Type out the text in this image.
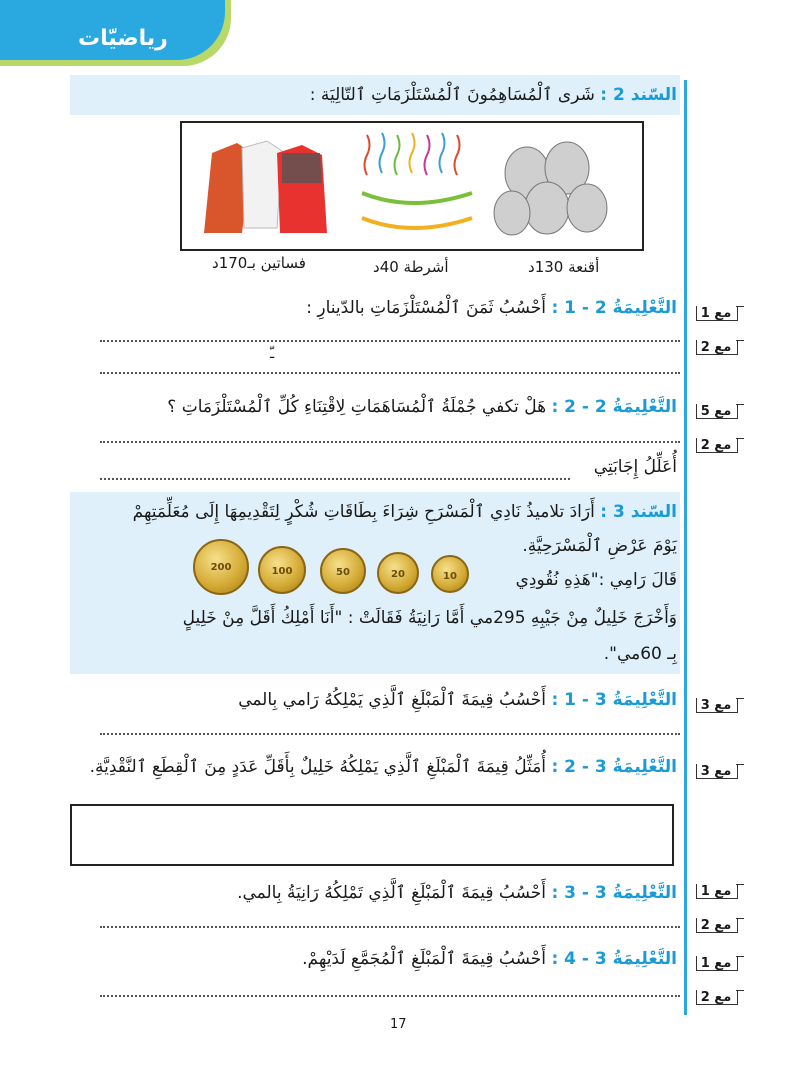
رياضيّات
السّند 2 : شَرى ٱلْمُسَاهِمُونَ ٱلْمُسْتَلْزَمَاتِ ٱلتّالِيَة :
أقنعة 130د
أشرطة 40د
فساتين بـ170د
التَّعْلِيمَةُ 2 - 1 : أَحْسُبُ ثَمَنَ ٱلْمُسْتَلْزَمَاتِ بالدّينارِ :
ـّ
مع 1
مع 2
التَّعْلِيمَةُ 2 - 2 : هَلْ تكفي جُمْلَةُ ٱلْمُسَاهَمَاتِ لِاقْتِنَاءِ كُلِّ ٱلْمُسْتَلْزَمَاتِ ؟
أُعَلِّلُ إِجَابَتِي
مع 5
مع 2
السّند 3 : أَرَادَ تلاميذُ نَادِي ٱلْمَسْرَحِ شِرَاءَ بِطَاقَاتِ شُكْرٍ لِتَقْدِيمِهَا إِلَى مُعَلِّمَتِهِمْ
يَوْمَ عَرْضِ ٱلْمَسْرَحِيَّةِ.
قَالَ رَامِي :"هَذِهِ نُقُودِي
وَأَخْرَجَ خَلِيلٌ مِنْ جَيْبِهِ 295مي أَمَّا رَانِيَةُ فَقَالَتْ : "أَنَا أَمْلِكُ أَقَلَّ مِنْ خَلِيلٍ
بِـ 60مي".
200	100	50	20	10
التَّعْلِيمَةُ 3 - 1 : أَحْسُبُ قِيمَةَ ٱلْمَبْلَغِ ٱلَّذِي يَمْلِكُهُ رَامي بِالمي	مع 3
التَّعْلِيمَةُ 3 - 2 : أُمَثِّلُ قِيمَةَ ٱلْمَبْلَغِ ٱلَّذِي يَمْلِكُهُ خَلِيلٌ بِأَقَلِّ عَدَدٍ مِنَ ٱلْقِطَعِ ٱلنَّقْدِيَّةِ.	مع 3
التَّعْلِيمَةُ 3 - 3 : أَحْسُبُ قِيمَةَ ٱلْمَبْلَغِ ٱلَّذِي تَمْلِكُهُ رَانِيَةُ بِالمي.	مع 1
مع 2
التَّعْلِيمَةُ 3 - 4 : أَحْسُبُ قِيمَةَ ٱلْمَبْلَغِ ٱلْمُجَمَّعِ لَدَيْهِمْ.	مع 1
مع 2
17
